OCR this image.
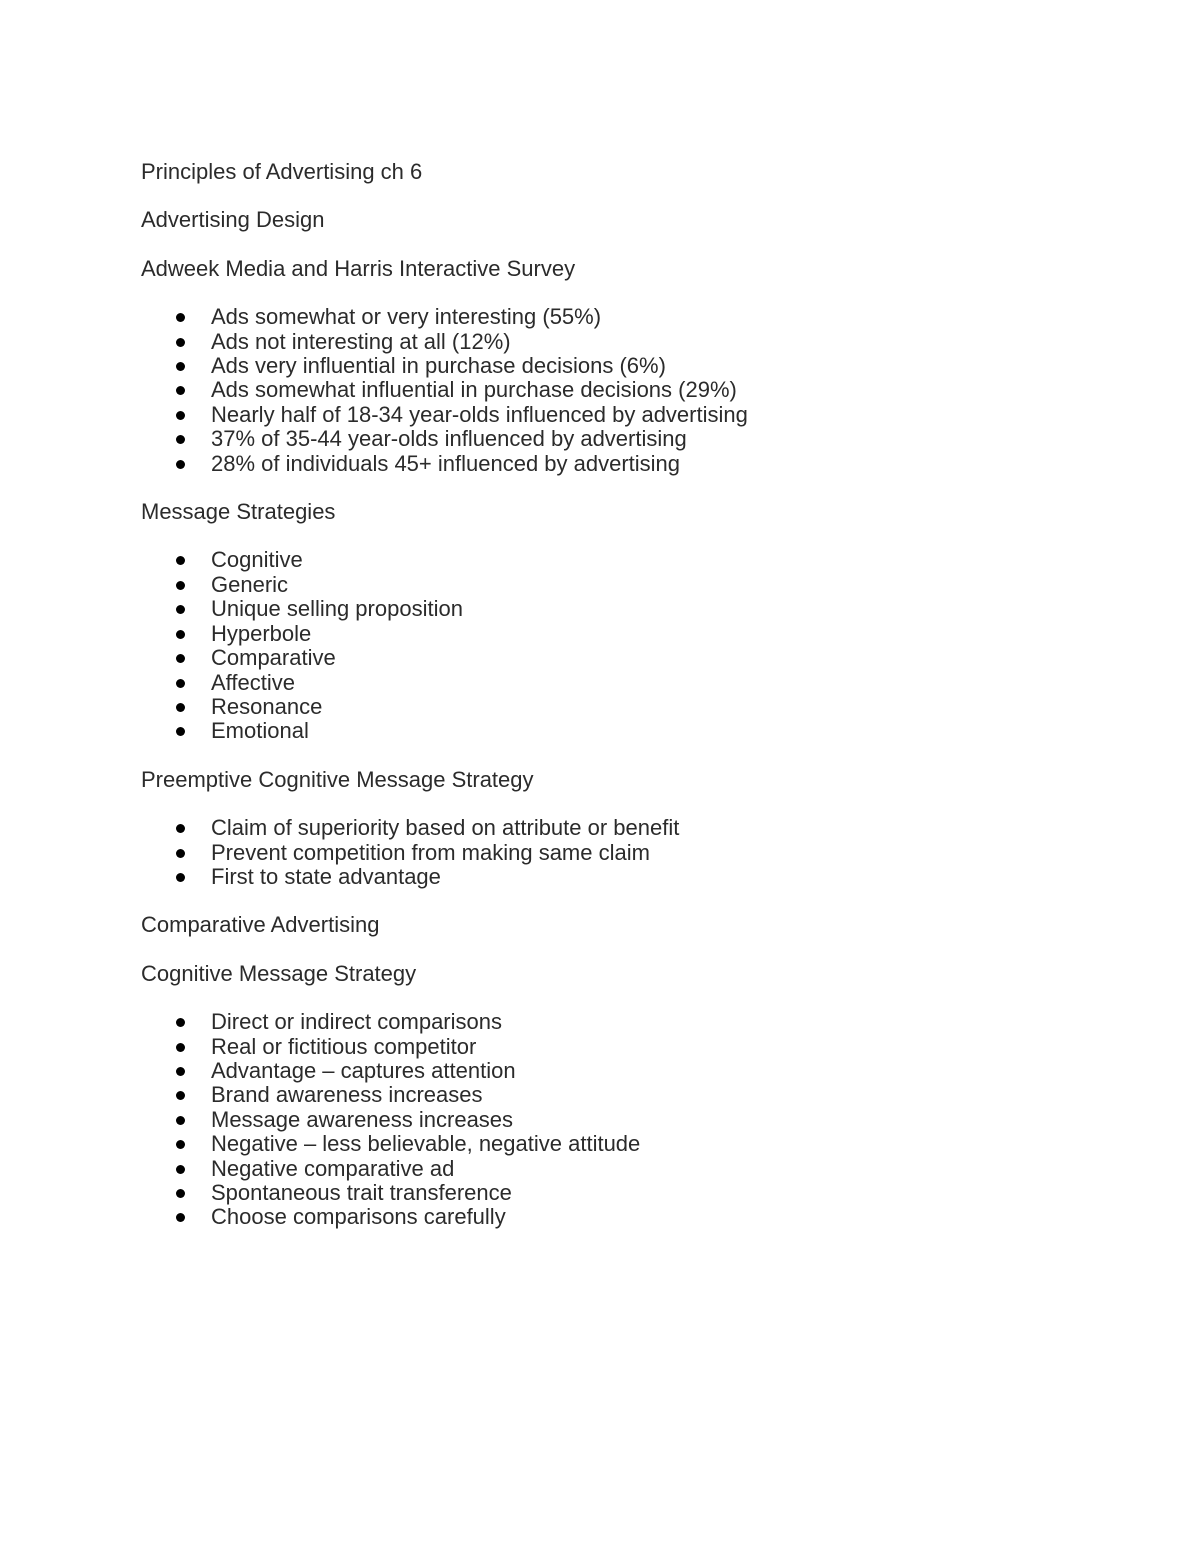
Principles of Advertising ch 6

Advertising Design

Adweek Media and Harris Interactive Survey

Ads somewhat or very interesting (55%)
Ads not interesting at all (12%)
Ads very influential in purchase decisions (6%)
Ads somewhat influential in purchase decisions (29%)
Nearly half of 18-34 year-olds influenced by advertising
37% of 35-44 year-olds influenced by advertising
28% of individuals 45+ influenced by advertising

Message Strategies

Cognitive
Generic
Unique selling proposition
Hyperbole
Comparative
Affective
Resonance
Emotional

Preemptive Cognitive Message Strategy

Claim of superiority based on attribute or benefit
Prevent competition from making same claim
First to state advantage

Comparative Advertising

Cognitive Message Strategy

Direct or indirect comparisons
Real or fictitious competitor
Advantage – captures attention
Brand awareness increases
Message awareness increases
Negative – less believable, negative attitude
Negative comparative ad
Spontaneous trait transference
Choose comparisons carefully
